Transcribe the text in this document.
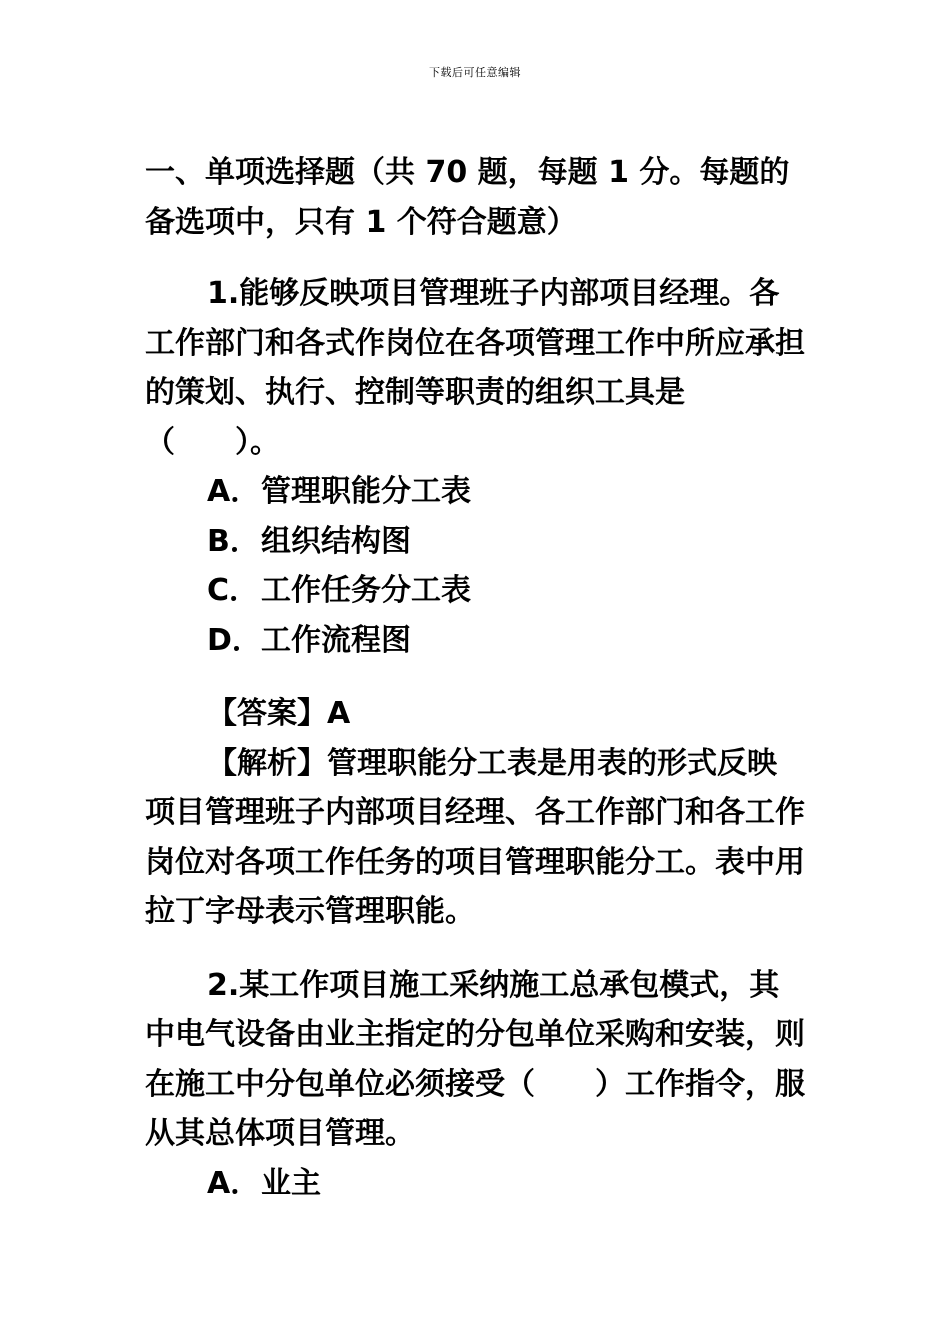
下载后可任意编辑

一、单项选择题（共 70 题，每题 1 分。每题的备选项中，只有 1 个符合题意）

1.能够反映项目管理班子内部项目经理。各工作部门和各式作岗位在各项管理工作中所应承担的策划、执行、控制等职责的组织工具是（　　）。

A．管理职能分工表

B．组织结构图

C．工作任务分工表

D．工作流程图

【答案】A

【解析】管理职能分工表是用表的形式反映项目管理班子内部项目经理、各工作部门和各工作岗位对各项工作任务的项目管理职能分工。表中用拉丁字母表示管理职能。

2.某工作项目施工采纳施工总承包模式，其中电气设备由业主指定的分包单位采购和安装，则在施工中分包单位必须接受（　　）工作指令，服从其总体项目管理。

A．业主
